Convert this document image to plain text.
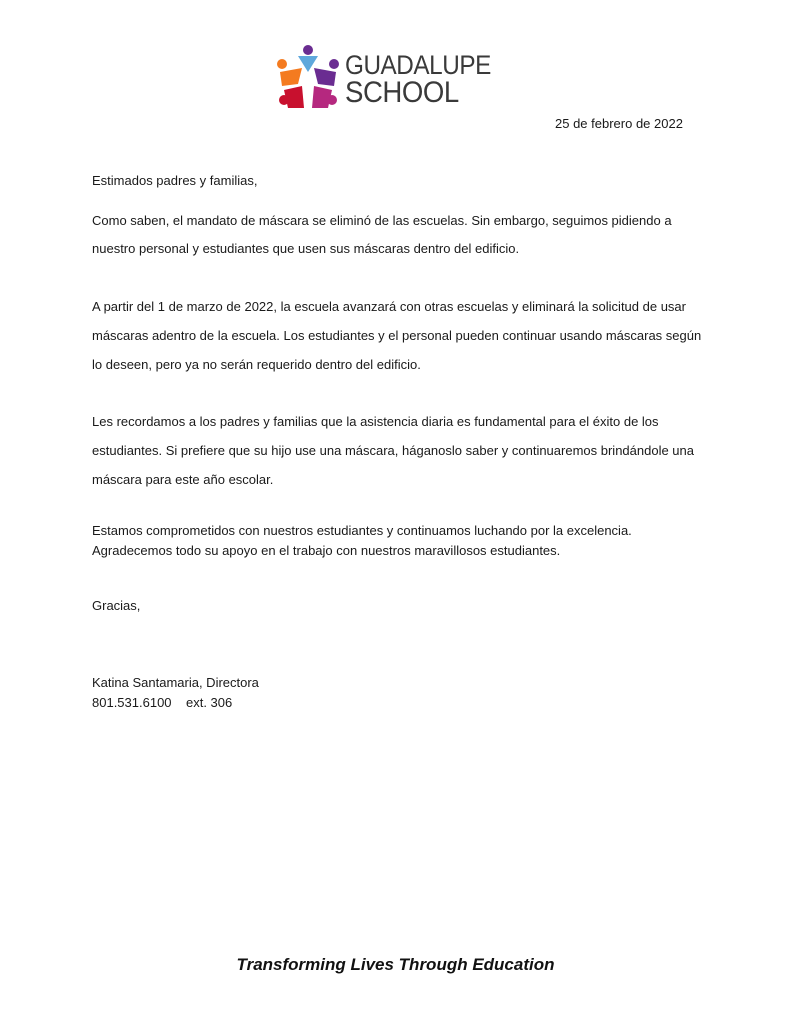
GUADALUPE
SCHOOL
25 de febrero de 2022
Estimados padres y familias,
Como saben, el mandato de máscara se eliminó de las escuelas. Sin embargo, seguimos pidiendo a nuestro personal y estudiantes que usen sus máscaras dentro del edificio.
A partir del 1 de marzo de 2022, la escuela avanzará con otras escuelas y eliminará la solicitud de usar máscaras adentro de la escuela. Los estudiantes y el personal pueden continuar usando máscaras según lo deseen, pero ya no serán requerido dentro del edificio.
Les recordamos a los padres y familias que la asistencia diaria es fundamental para el éxito de los estudiantes. Si prefiere que su hijo use una máscara, háganoslo saber y continuaremos brindándole una máscara para este año escolar.
Estamos comprometidos con nuestros estudiantes y continuamos luchando por la excelencia. Agradecemos todo su apoyo en el trabajo con nuestros maravillosos estudiantes.
Gracias,
Katina Santamaria, Directora
801.531.6100    ext. 306
Transforming Lives Through Education
